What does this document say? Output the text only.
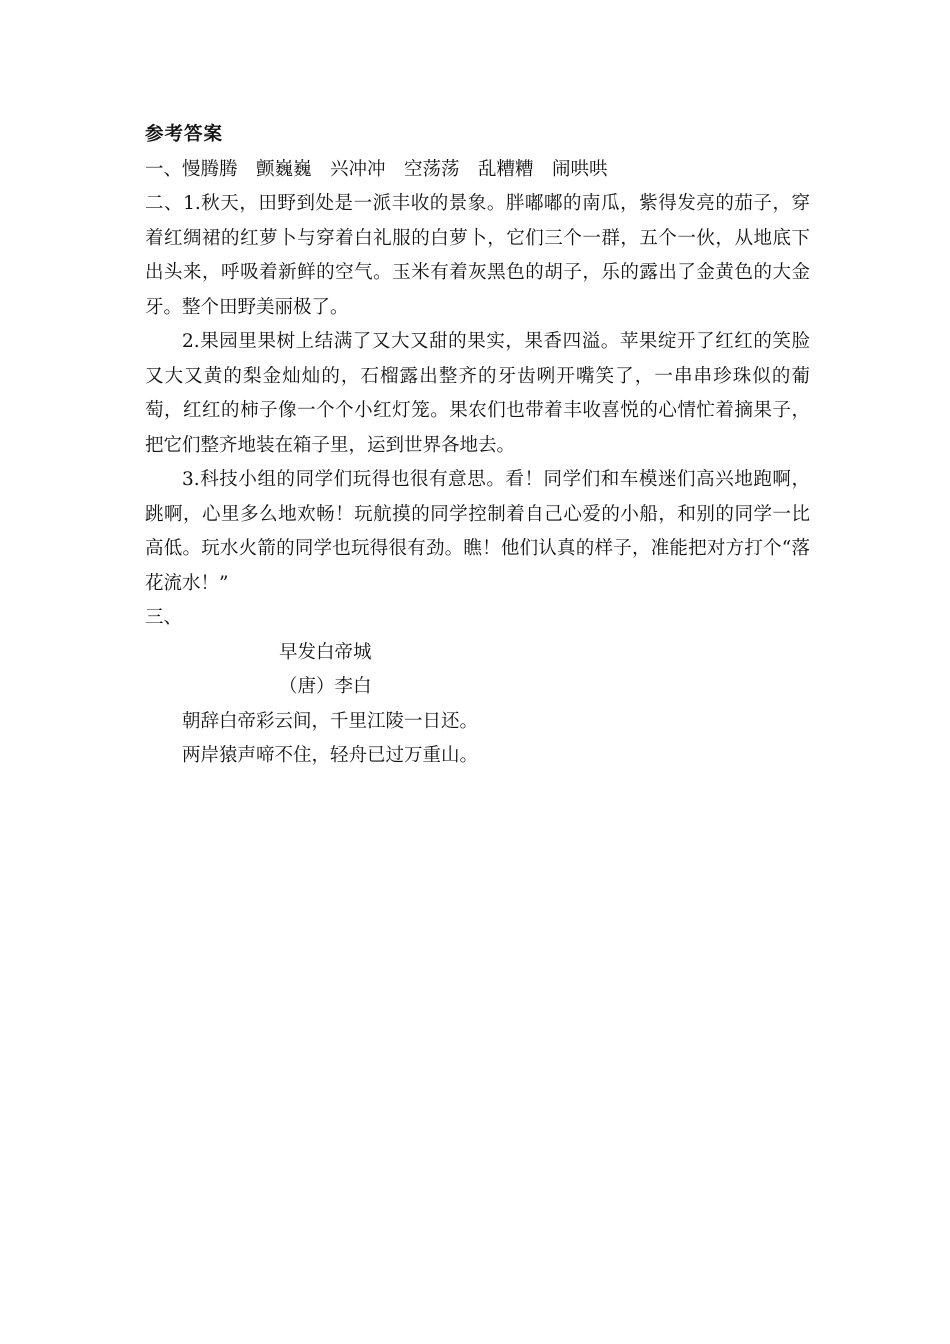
参考答案
一、慢腾腾　颤巍巍　兴冲冲　空荡荡　乱糟糟　闹哄哄
二、1.秋天，田野到处是一派丰收的景象。胖嘟嘟的南瓜，紫得发亮的茄子，穿着红绸裙的红萝卜与穿着白礼服的白萝卜，它们三个一群，五个一伙，从地底下出头来，呼吸着新鲜的空气。玉米有着灰黑色的胡子，乐的露出了金黄色的大金牙。整个田野美丽极了。
2.果园里果树上结满了又大又甜的果实，果香四溢。苹果绽开了红红的笑脸又大又黄的梨金灿灿的，石榴露出整齐的牙齿咧开嘴笑了，一串串珍珠似的葡萄，红红的柿子像一个个小红灯笼。果农们也带着丰收喜悦的心情忙着摘果子，把它们整齐地装在箱子里，运到世界各地去。
3.科技小组的同学们玩得也很有意思。看！同学们和车模迷们高兴地跑啊，跳啊，心里多么地欢畅！玩航摸的同学控制着自己心爱的小船，和别的同学一比高低。玩水火箭的同学也玩得很有劲。瞧！他们认真的样子，准能把对方打个“落花流水！”
三、
早发白帝城
（唐）李白
朝辞白帝彩云间，千里江陵一日还。
两岸猿声啼不住，轻舟已过万重山。
